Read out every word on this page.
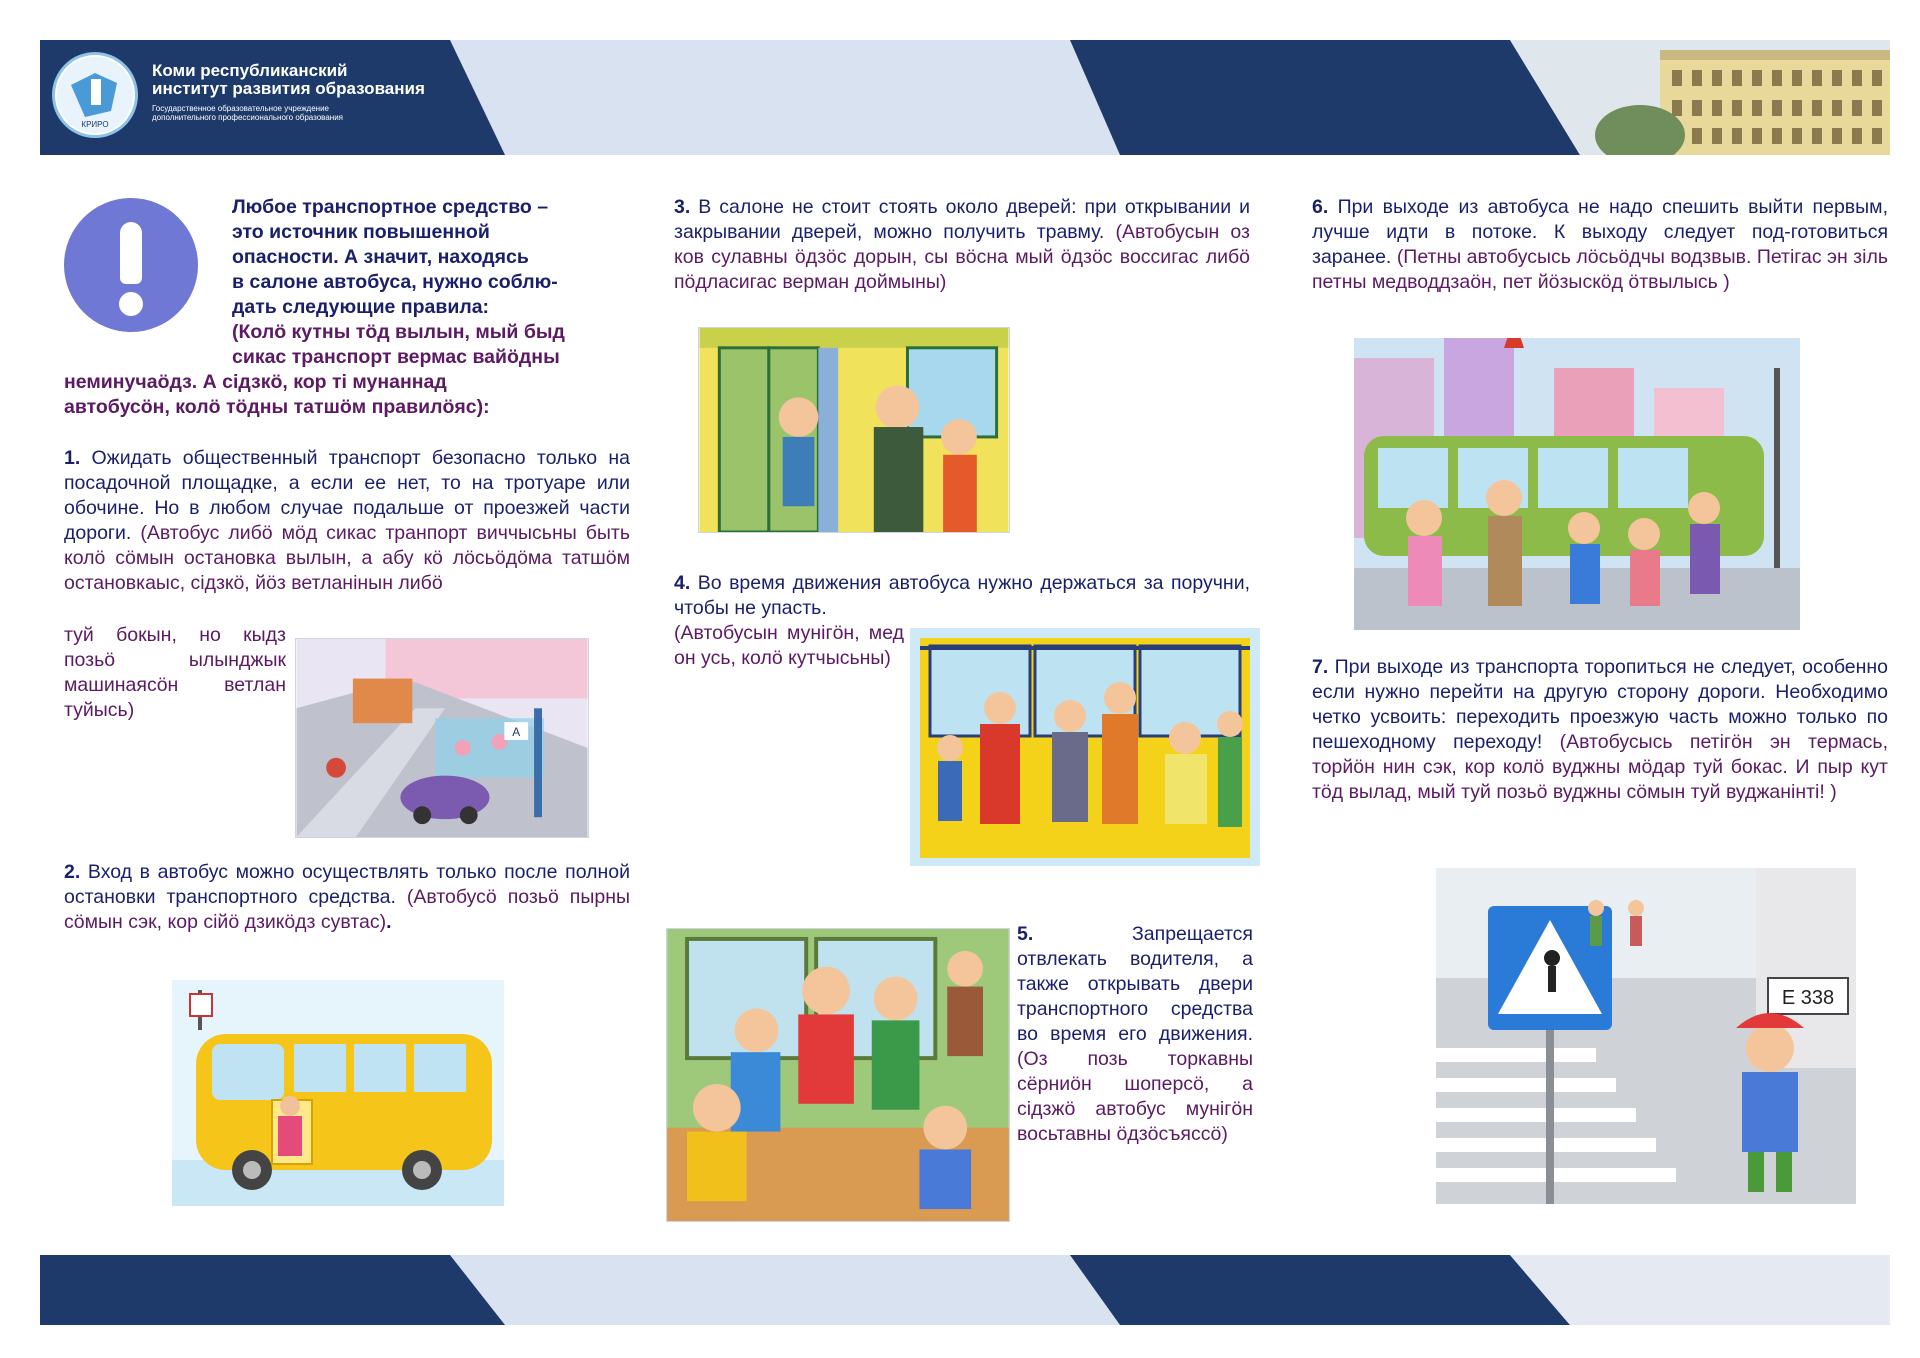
КРИРО
Коми республиканский
институт развития образования
Государственное образовательное учреждение
дополнительного профессионального образования
Любое транспортное средство –
это источник повышенной
опасности. А значит, находясь
в салоне автобуса, нужно соблю-
дать следующие правила:
(Колӧ кутны тӧд вылын, мый быд
сикас транспорт вермас вайӧдны
неминучаӧдз. А сiдзкӧ, кор тi мунаннад
автобусӧн, колӧ тӧдны татшӧм правилӧяс):
1. Ожидать общественный транспорт безопасно только на посадочной площадке, а если ее нет, то на тротуаре или обочине. Но в любом случае подальше от проезжей части дороги. (Автобус либӧ мӧд сикас транпорт виччысьны быть колӧ сӧмын остановка вылын, а абу кӧ лӧсьӧдӧма татшӧм остановкаыс, сiдзкӧ, йӧз ветланiнын либӧ
туй бокын, но кыдз позьӧ ылынджык машинаясӧн ветлан туйысь)
A
2. Вход в автобус можно осуществлять только после полной остановки транспортного средства. (Автобусӧ позьӧ пырны сӧмын сэк, кор сiйӧ дзикӧдз сувтас).
3. В салоне не стоит стоять около дверей: при открывании и закрывании дверей, можно получить травму. (Автобусын оз ков сулавны ӧдзӧс дорын, сы вӧсна мый ӧдзӧс воссигас либӧ пӧдласигас верман доймыны)
4. Во время движения автобуса нужно держаться за поручни, чтобы не упасть.
(Автобусын мунiгӧн, мед он усь, колӧ кутчысьны)
5.	Запрещается отвлекать водителя, а также открывать двери транспортного средства во время его движения. (Оз позь торкавны сёрниӧн шоперсӧ, а сiдзжӧ автобус мунiгӧн восьтавны ӧдзӧсъяссӧ)
6. При выходе из автобуса не надо спешить выйти первым, лучше идти в потоке. К выходу следует под-готовиться заранее. (Петны автобусысь лӧсьӧдчы водзвыв. Петiгас эн зiль петны медводдзаӧн, пет йӧзыскӧд ӧтвылысь )
7. При выходе из транспорта торопиться не следует, особенно если нужно перейти на другую сторону дороги. Необходимо четко усвоить: переходить проезжую часть можно только по пешеходному переходу! (Автобусысь петiгӧн эн термась, торйӧн нин сэк, кор колӧ вуджны мӧдар туй бокас. И пыр кут тӧд вылад, мый туй позьӧ вуджны сӧмын туй вуджанiнтi! )
Е 338
